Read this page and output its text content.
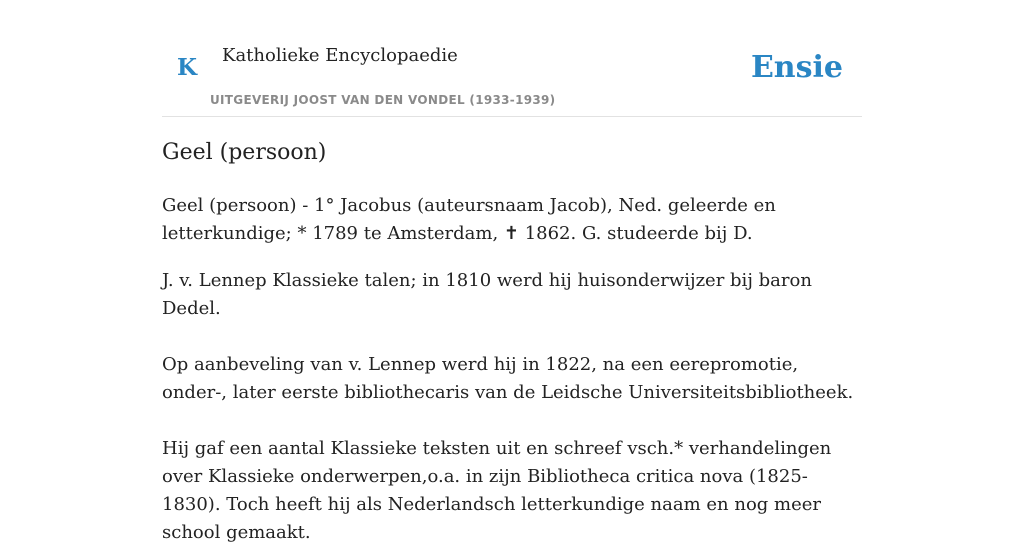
K Katholieke Encyclopaedie
UITGEVERIJ JOOST VAN DEN VONDEL (1933-1939)
Ensie
Geel (persoon)

Geel (persoon) - 1° Jacobus (auteursnaam Jacob), Ned. geleerde en letterkundige; * 1789 te Amsterdam, ✝ 1862. G. studeerde bij D.

J. v. Lennep Klassieke talen; in 1810 werd hij huisonderwijzer bij baron Dedel.

Op aanbeveling van v. Lennep werd hij in 1822, na een eerepromotie, onder-, later eerste bibliothecaris van de Leidsche Universiteitsbibliotheek.

Hij gaf een aantal Klassieke teksten uit en schreef vsch.* verhandelingen over Klassieke onderwerpen,o.a. in zijn Bibliotheca critica nova (1825-1830). Toch heeft hij als Nederlandsch letterkundige naam en nog meer school gemaakt.
